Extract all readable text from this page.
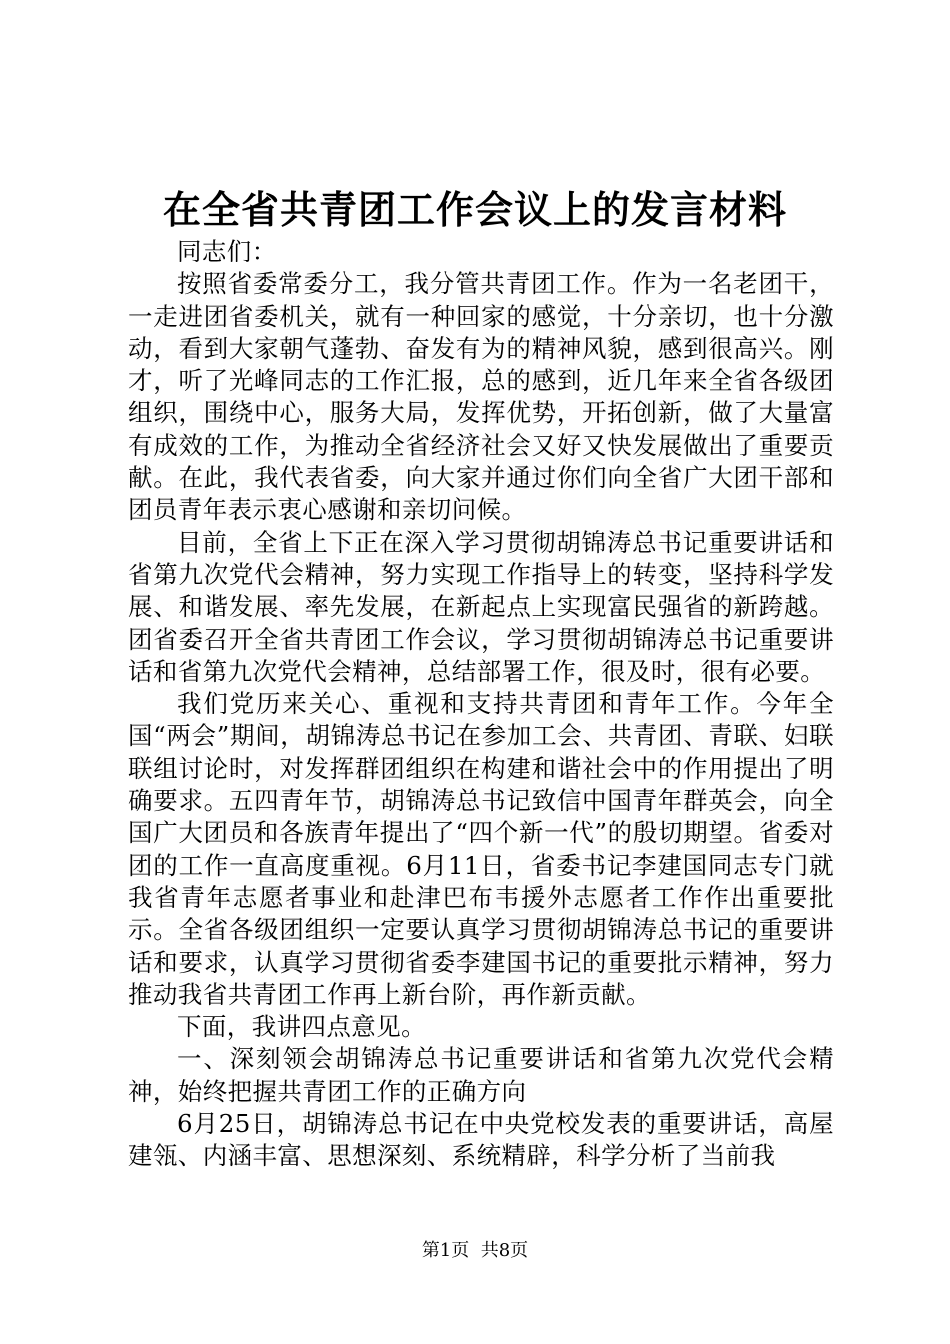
在全省共青团工作会议上的发言材料

同志们：

按照省委常委分工，我分管共青团工作。作为一名老团干，一走进团省委机关，就有一种回家的感觉，十分亲切，也十分激动，看到大家朝气蓬勃、奋发有为的精神风貌，感到很高兴。刚才，听了光峰同志的工作汇报，总的感到，近几年来全省各级团组织，围绕中心，服务大局，发挥优势，开拓创新，做了大量富有成效的工作，为推动全省经济社会又好又快发展做出了重要贡献。在此，我代表省委，向大家并通过你们向全省广大团干部和团员青年表示衷心感谢和亲切问候。

目前，全省上下正在深入学习贯彻胡锦涛总书记重要讲话和省第九次党代会精神，努力实现工作指导上的转变，坚持科学发展、和谐发展、率先发展，在新起点上实现富民强省的新跨越。团省委召开全省共青团工作会议，学习贯彻胡锦涛总书记重要讲话和省第九次党代会精神，总结部署工作，很及时，很有必要。

我们党历来关心、重视和支持共青团和青年工作。今年全国“两会”期间，胡锦涛总书记在参加工会、共青团、青联、妇联联组讨论时，对发挥群团组织在构建和谐社会中的作用提出了明确要求。五四青年节，胡锦涛总书记致信中国青年群英会，向全国广大团员和各族青年提出了“四个新一代”的殷切期望。省委对团的工作一直高度重视。6月11日，省委书记李建国同志专门就我省青年志愿者事业和赴津巴布韦援外志愿者工作作出重要批示。全省各级团组织一定要认真学习贯彻胡锦涛总书记的重要讲话和要求，认真学习贯彻省委李建国书记的重要批示精神，努力推动我省共青团工作再上新台阶，再作新贡献。

下面，我讲四点意见。

一、深刻领会胡锦涛总书记重要讲话和省第九次党代会精神，始终把握共青团工作的正确方向

6月25日，胡锦涛总书记在中央党校发表的重要讲话，高屋建瓴、内涵丰富、思想深刻、系统精辟，科学分析了当前我

第1页  共8页
